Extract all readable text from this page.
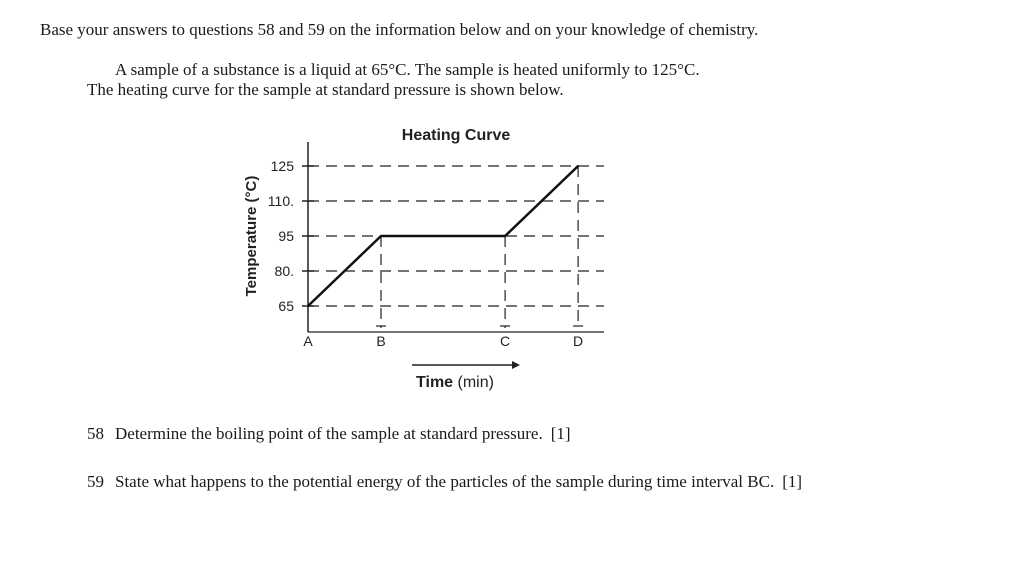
Base your answers to questions 58 and 59 on the information below and on your knowledge of chemistry.
A sample of a substance is a liquid at 65°C. The sample is heated uniformly to 125°C.
The heating curve for the sample at standard pressure is shown below.
Heating Curve
125
110.
95
80.
65
A	B	C	D
Temperature (°C)
Time (min)
58 Determine the boiling point of the sample at standard pressure. [1]
59 State what happens to the potential energy of the particles of the sample during time interval BC. [1]
